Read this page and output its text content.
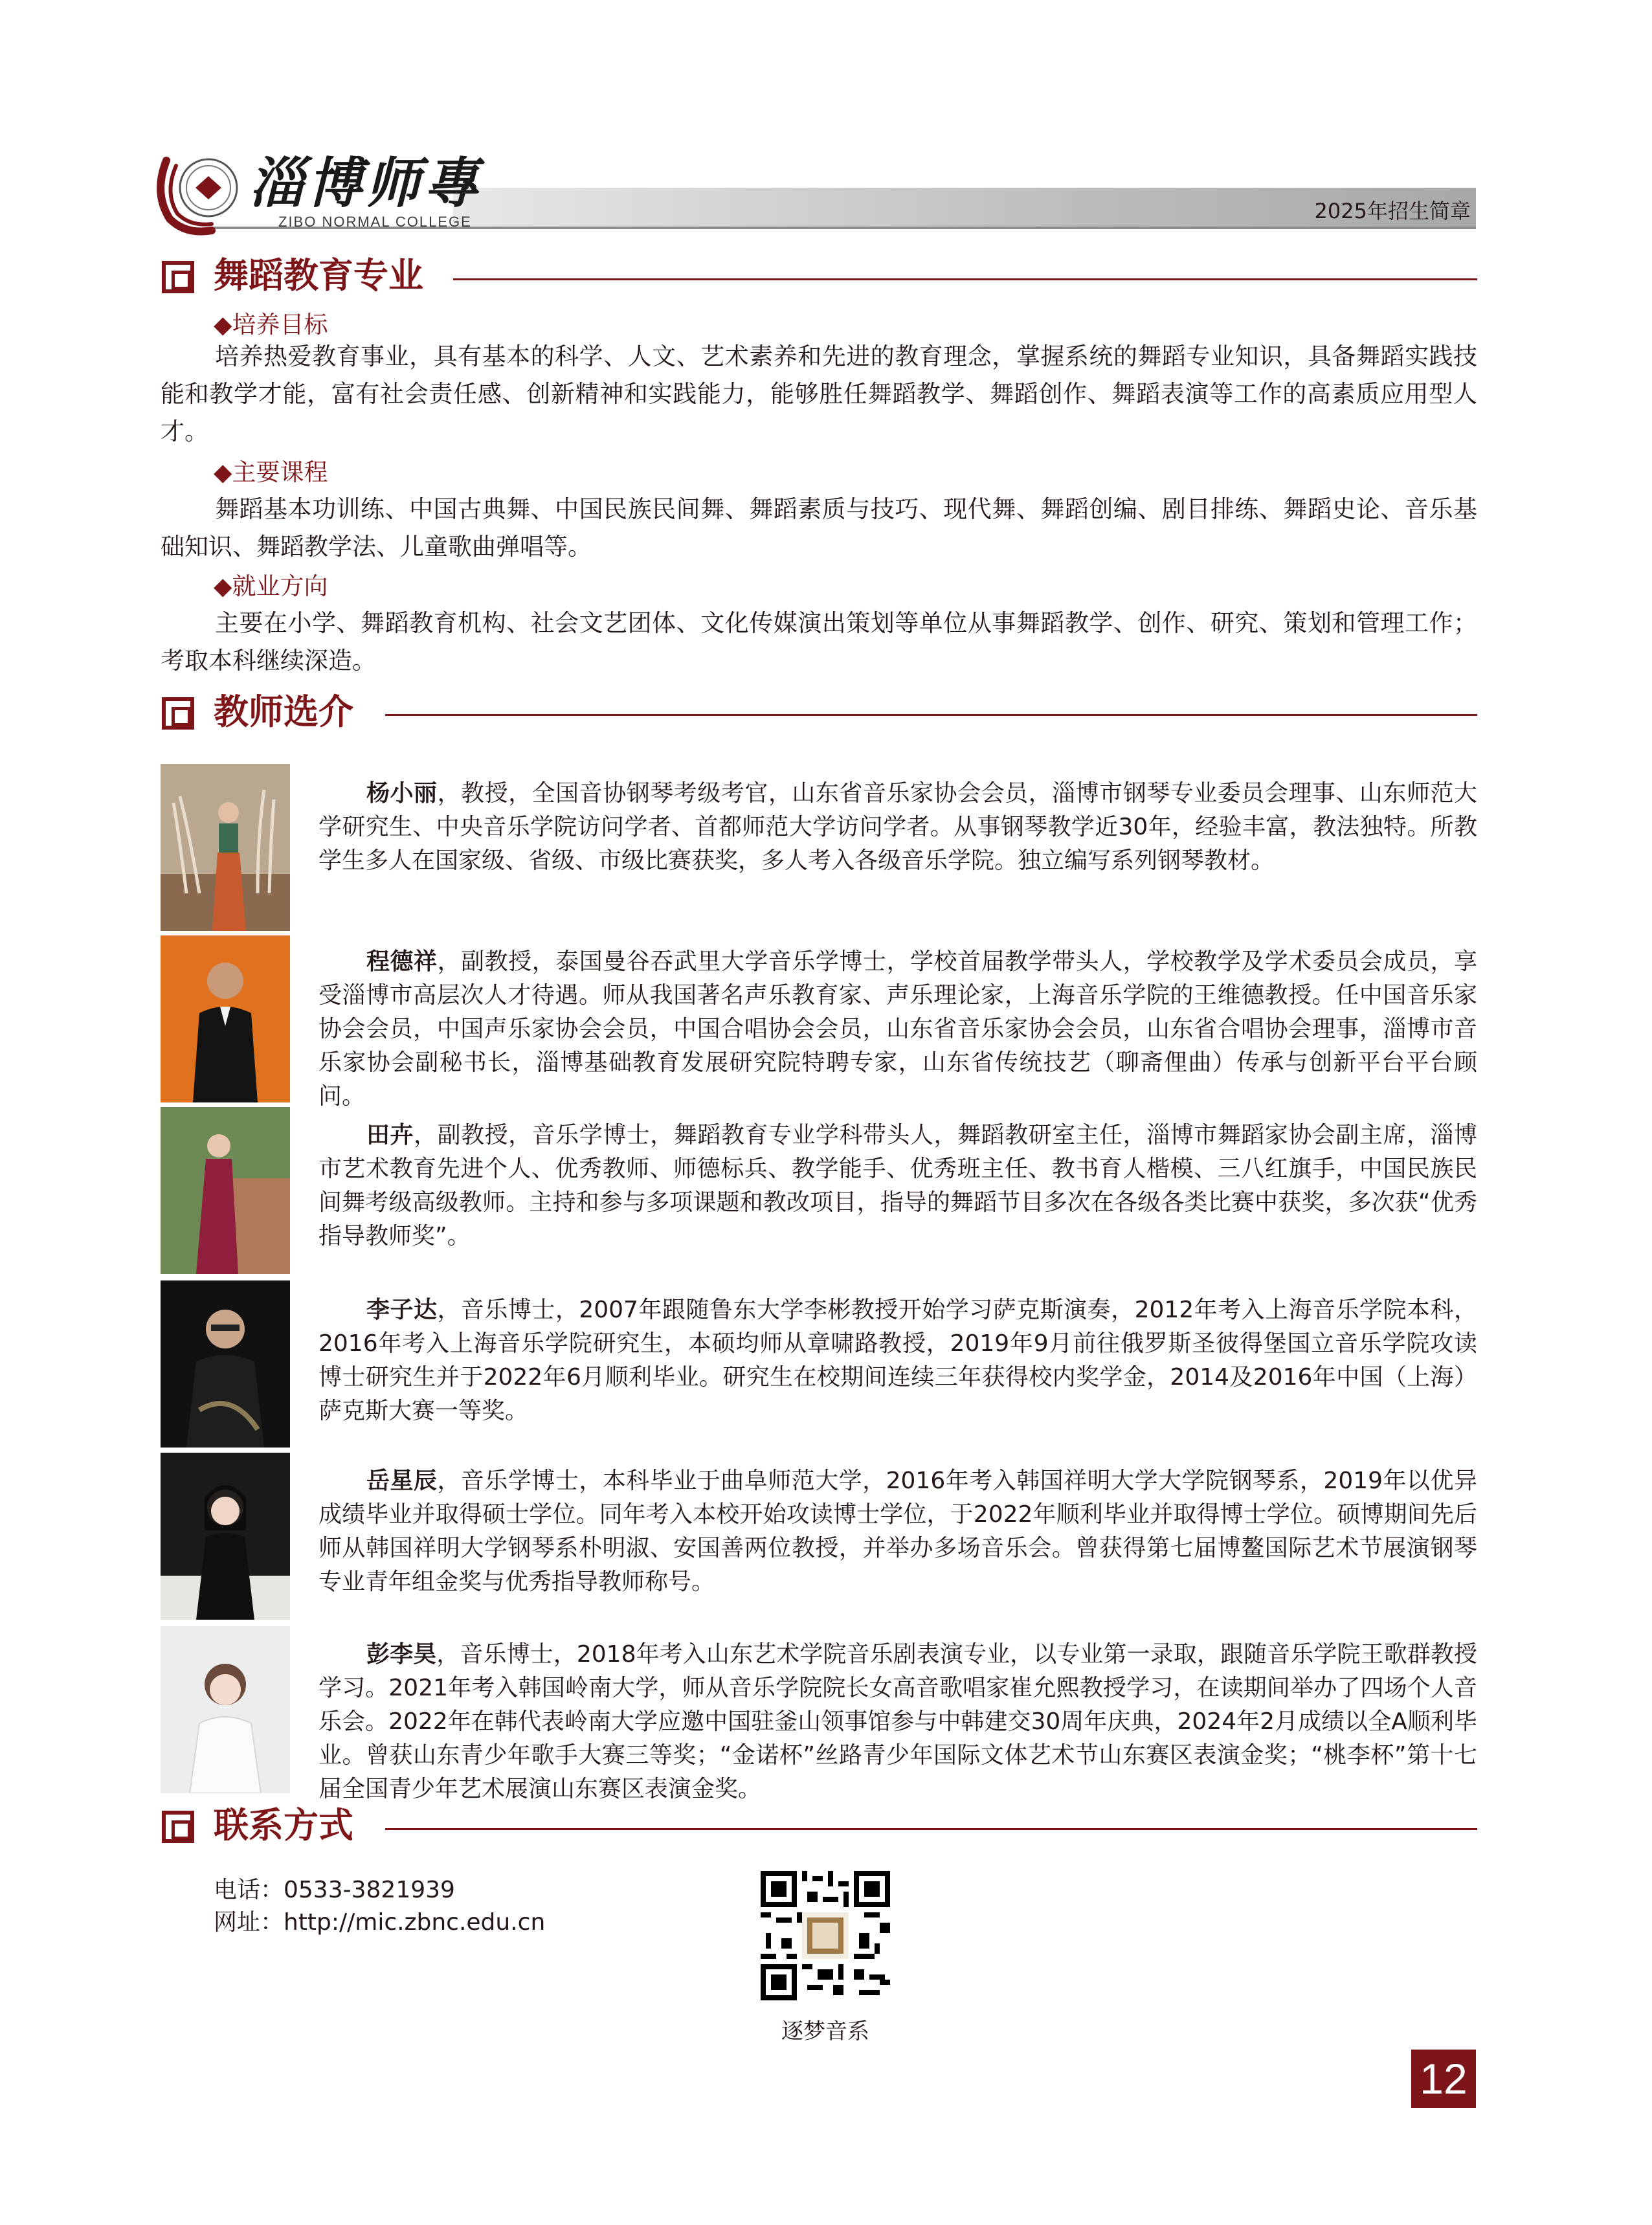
淄博师專
ZIBO NORMAL COLLEGE	2025年招生简章
舞蹈教育专业
◆培养目标
培养热爱教育事业，具有基本的科学、人文、艺术素养和先进的教育理念，掌握系统的舞蹈专业知识，具备舞蹈实践技能和教学才能，富有社会责任感、创新精神和实践能力，能够胜任舞蹈教学、舞蹈创作、舞蹈表演等工作的高素质应用型人才。
◆主要课程
舞蹈基本功训练、中国古典舞、中国民族民间舞、舞蹈素质与技巧、现代舞、舞蹈创编、剧目排练、舞蹈史论、音乐基础知识、舞蹈教学法、儿童歌曲弹唱等。
◆就业方向
主要在小学、舞蹈教育机构、社会文艺团体、文化传媒演出策划等单位从事舞蹈教学、创作、研究、策划和管理工作；考取本科继续深造。
教师选介
杨小丽，教授，全国音协钢琴考级考官，山东省音乐家协会会员，淄博市钢琴专业委员会理事、山东师范大学研究生、中央音乐学院访问学者、首都师范大学访问学者。从事钢琴教学近30年，经验丰富，教法独特。所教学生多人在国家级、省级、市级比赛获奖，多人考入各级音乐学院。独立编写系列钢琴教材。
程德祥，副教授，泰国曼谷吞武里大学音乐学博士，学校首届教学带头人，学校教学及学术委员会成员，享受淄博市高层次人才待遇。师从我国著名声乐教育家、声乐理论家，上海音乐学院的王维德教授。任中国音乐家协会会员，中国声乐家协会会员，中国合唱协会会员，山东省音乐家协会会员，山东省合唱协会理事，淄博市音乐家协会副秘书长，淄博基础教育发展研究院特聘专家，山东省传统技艺（聊斋俚曲）传承与创新平台平台顾问。
田卉，副教授，音乐学博士，舞蹈教育专业学科带头人，舞蹈教研室主任，淄博市舞蹈家协会副主席，淄博市艺术教育先进个人、优秀教师、师德标兵、教学能手、优秀班主任、教书育人楷模、三八红旗手，中国民族民间舞考级高级教师。主持和参与多项课题和教改项目，指导的舞蹈节目多次在各级各类比赛中获奖，多次获“优秀指导教师奖”。
李子达，音乐博士，2007年跟随鲁东大学李彬教授开始学习萨克斯演奏，2012年考入上海音乐学院本科，2016年考入上海音乐学院研究生，本硕均师从章啸路教授，2019年9月前往俄罗斯圣彼得堡国立音乐学院攻读博士研究生并于2022年6月顺利毕业。研究生在校期间连续三年获得校内奖学金，2014及2016年中国（上海）萨克斯大赛一等奖。
岳星辰，音乐学博士，本科毕业于曲阜师范大学，2016年考入韩国祥明大学大学院钢琴系，2019年以优异成绩毕业并取得硕士学位。同年考入本校开始攻读博士学位，于2022年顺利毕业并取得博士学位。硕博期间先后师从韩国祥明大学钢琴系朴明淑、安国善两位教授，并举办多场音乐会。曾获得第七届博鳌国际艺术节展演钢琴专业青年组金奖与优秀指导教师称号。
彭李昊，音乐博士，2018年考入山东艺术学院音乐剧表演专业，以专业第一录取，跟随音乐学院王歌群教授学习。2021年考入韩国岭南大学，师从音乐学院院长女高音歌唱家崔允熙教授学习，在读期间举办了四场个人音乐会。2022年在韩代表岭南大学应邀中国驻釜山领事馆参与中韩建交30周年庆典，2024年2月成绩以全A顺利毕业。曾获山东青少年歌手大赛三等奖；“金诺杯”丝路青少年国际文体艺术节山东赛区表演金奖；“桃李杯”第十七届全国青少年艺术展演山东赛区表演金奖。
联系方式
电话：0533-3821939
网址：http://mic.zbnc.edu.cn
逐梦音系
12
